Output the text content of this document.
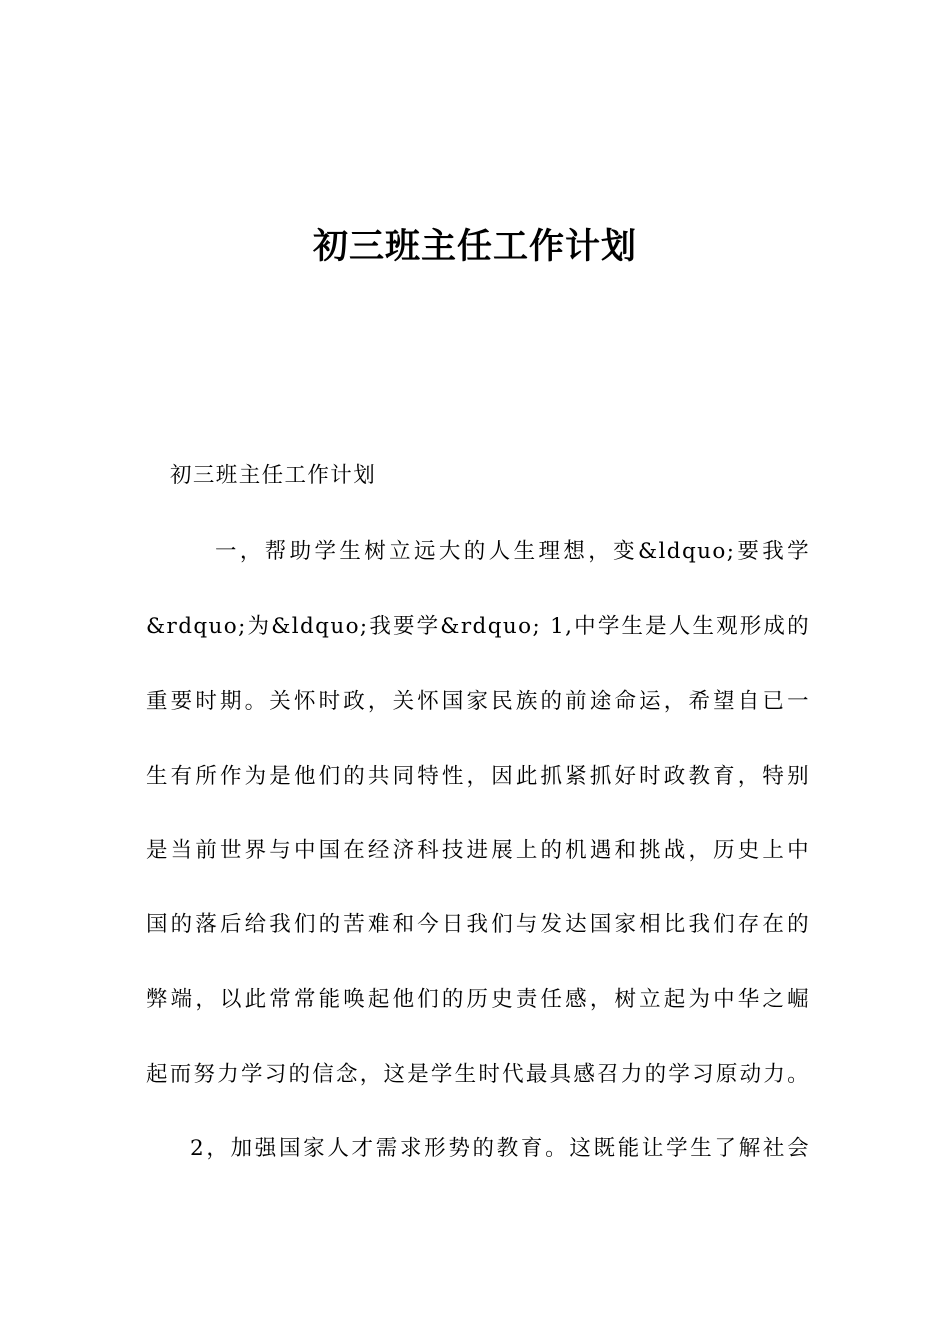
初三班主任工作计划

初三班主任工作计划

一，帮助学生树立远大的人生理想，变&ldquo;要我学

&rdquo;为&ldquo;我要学&rdquo; 1,中学生是人生观形成的

重要时期。关怀时政，关怀国家民族的前途命运，希望自已一

生有所作为是他们的共同特性，因此抓紧抓好时政教育，特别

是当前世界与中国在经济科技进展上的机遇和挑战，历史上中

国的落后给我们的苦难和今日我们与发达国家相比我们存在的

弊端，以此常常能唤起他们的历史责任感，树立起为中华之崛

起而努力学习的信念，这是学生时代最具感召力的学习原动力。

2，加强国家人才需求形势的教育。这既能让学生了解社会
